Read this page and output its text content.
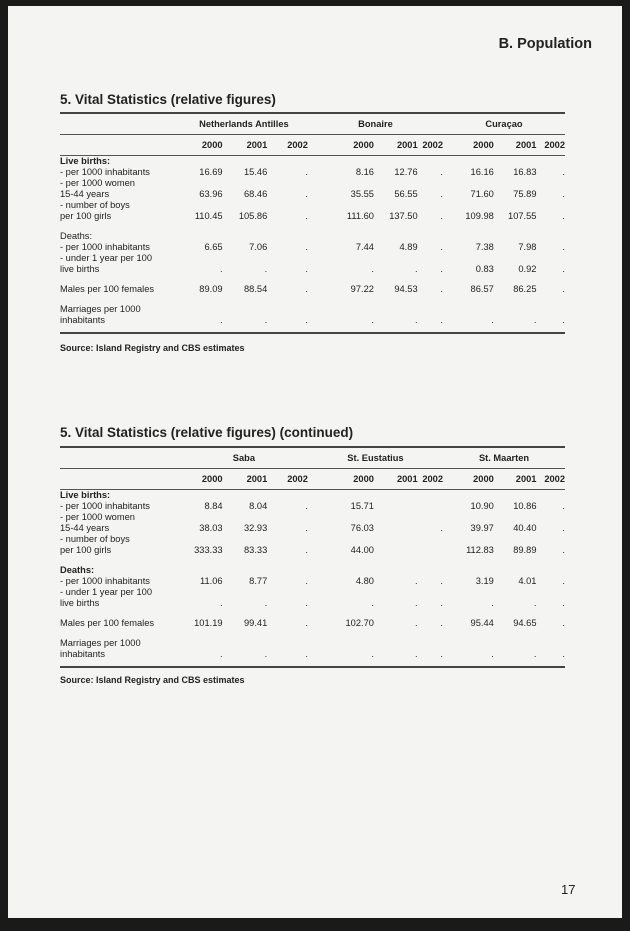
B. Population
5. Vital Statistics (relative figures)
	Netherlands Antilles			Bonaire			Curaçao		
	2000	2001	2002	2000	2001	2002	2000	2001	2002
Live births:									
- per 1000 inhabitants	16.69	15.46	.	8.16	12.76	.	16.16	16.83	.
- per 1000 women
15-44 years	63.96	68.46	.	35.55	56.55	.	71.60	75.89	.
- number of boys
per 100 girls	110.45	105.86	.	111.60	137.50	.	109.98	107.55	.

Deaths:									
- per 1000 inhabitants	6.65	7.06	.	7.44	4.89	.	7.38	7.98	.
- under 1 year per 100
live births	.	.	.	.	.	.	0.83	0.92	.

Males per 100 females	89.09	88.54	.	97.22	94.53	.	86.57	86.25	.

Marriages per 1000
inhabitants	.	.	.	.	.	.	.	.	.

Source: Island Registry and CBS estimates
5. Vital Statistics (relative figures) (continued)
	Saba			St. Eustatius			St. Maarten		
	2000	2001	2002	2000	2001	2002	2000	2001	2002
Live births:									
- per 1000 inhabitants	8.84	8.04	.	15.71			10.90	10.86	.
- per 1000 women
15-44 years	38.03	32.93	.	76.03		.	39.97	40.40	.
- number of boys
per 100 girls	333.33	83.33	.	44.00			112.83	89.89	.

Deaths:									
- per 1000 inhabitants	11.06	8.77	.	4.80	.	.	3.19	4.01	.
- under 1 year per 100
live births	.	.	.	.	.	.	.	.	.

Males per 100 females	101.19	99.41	.	102.70	.	.	95.44	94.65	.

Marriages per 1000
inhabitants	.	.	.	.	.	.	.	.	.

Source: Island Registry and CBS estimates
17
